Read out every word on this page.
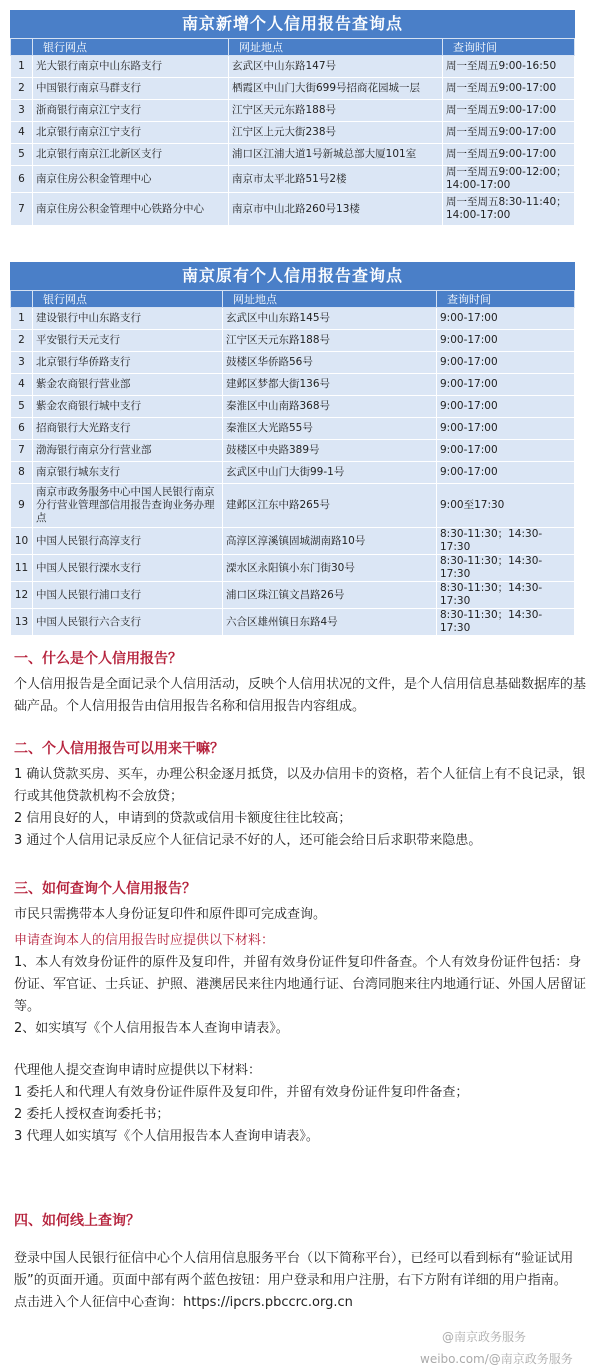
南京新增个人信用报告查询点
	银行网点	网址地点	查询时间
1	光大银行南京中山东路支行	玄武区中山东路147号	周一至周五9:00-16:50
2	中国银行南京马群支行	栖霞区中山门大街699号招商花园城一层	周一至周五9:00-17:00
3	浙商银行南京江宁支行	江宁区天元东路188号	周一至周五9:00-17:00
4	北京银行南京江宁支行	江宁区上元大街238号	周一至周五9:00-17:00
5	北京银行南京江北新区支行	浦口区江浦大道1号新城总部大厦101室	周一至周五9:00-17:00
6	南京住房公积金管理中心	南京市太平北路51号2楼	周一至周五9:00-12:00；14:00-17:00
7	南京住房公积金管理中心铁路分中心	南京市中山北路260号13楼	周一至周五8:30-11:40；14:00-17:00
南京原有个人信用报告查询点
	银行网点	网址地点	查询时间
1	建设银行中山东路支行	玄武区中山东路145号	9:00-17:00
2	平安银行天元支行	江宁区天元东路188号	9:00-17:00
3	北京银行华侨路支行	鼓楼区华侨路56号	9:00-17:00
4	紫金农商银行营业部	建邺区梦都大街136号	9:00-17:00
5	紫金农商银行城中支行	秦淮区中山南路368号	9:00-17:00
6	招商银行大光路支行	秦淮区大光路55号	9:00-17:00
7	渤海银行南京分行营业部	鼓楼区中央路389号	9:00-17:00
8	南京银行城东支行	玄武区中山门大街99-1号	9:00-17:00
9	南京市政务服务中心中国人民银行南京分行营业管理部信用报告查询业务办理点	建邺区江东中路265号	9:00至17:30
10	中国人民银行高淳支行	高淳区淳溪镇固城湖南路10号	8:30-11:30；14:30-17:30
11	中国人民银行溧水支行	溧水区永阳镇小东门街30号	8:30-11:30；14:30-17:30
12	中国人民银行浦口支行	浦口区珠江镇文昌路26号	8:30-11:30；14:30-17:30
13	中国人民银行六合支行	六合区雄州镇日东路4号	8:30-11:30；14:30-17:30

一、什么是个人信用报告？

个人信用报告是全面记录个人信用活动，反映个人信用状况的文件，是个人信用信息基础数据库的基础产品。个人信用报告由信用报告名称和信用报告内容组成。

二、个人信用报告可以用来干嘛？

1 确认贷款买房、买车，办理公积金逐月抵贷，以及办信用卡的资格，若个人征信上有不良记录，银行或其他贷款机构不会放贷；

2 信用良好的人，申请到的贷款或信用卡额度往往比较高；

3 通过个人信用记录反应个人征信记录不好的人，还可能会给日后求职带来隐患。

三、如何查询个人信用报告？

市民只需携带本人身份证复印件和原件即可完成查询。

申请查询本人的信用报告时应提供以下材料：

1、本人有效身份证件的原件及复印件，并留有效身份证件复印件备查。个人有效身份证件包括：身份证、军官证、士兵证、护照、港澳居民来往内地通行证、台湾同胞来往内地通行证、外国人居留证等。

2、如实填写《个人信用报告本人查询申请表》。

代理他人提交查询申请时应提供以下材料：

1 委托人和代理人有效身份证件原件及复印件，并留有效身份证件复印件备查；

2 委托人授权查询委托书；

3 代理人如实填写《个人信用报告本人查询申请表》。

四、如何线上查询？

登录中国人民银行征信中心个人信用信息服务平台（以下简称平台），已经可以看到标有“验证试用版”的页面开通。页面中部有两个蓝色按钮：用户登录和用户注册，右下方附有详细的用户指南。

点击进入个人征信中心查询：https://ipcrs.pbccrc.org.cn

@南京政务服务
weibo.com/@南京政务服务
